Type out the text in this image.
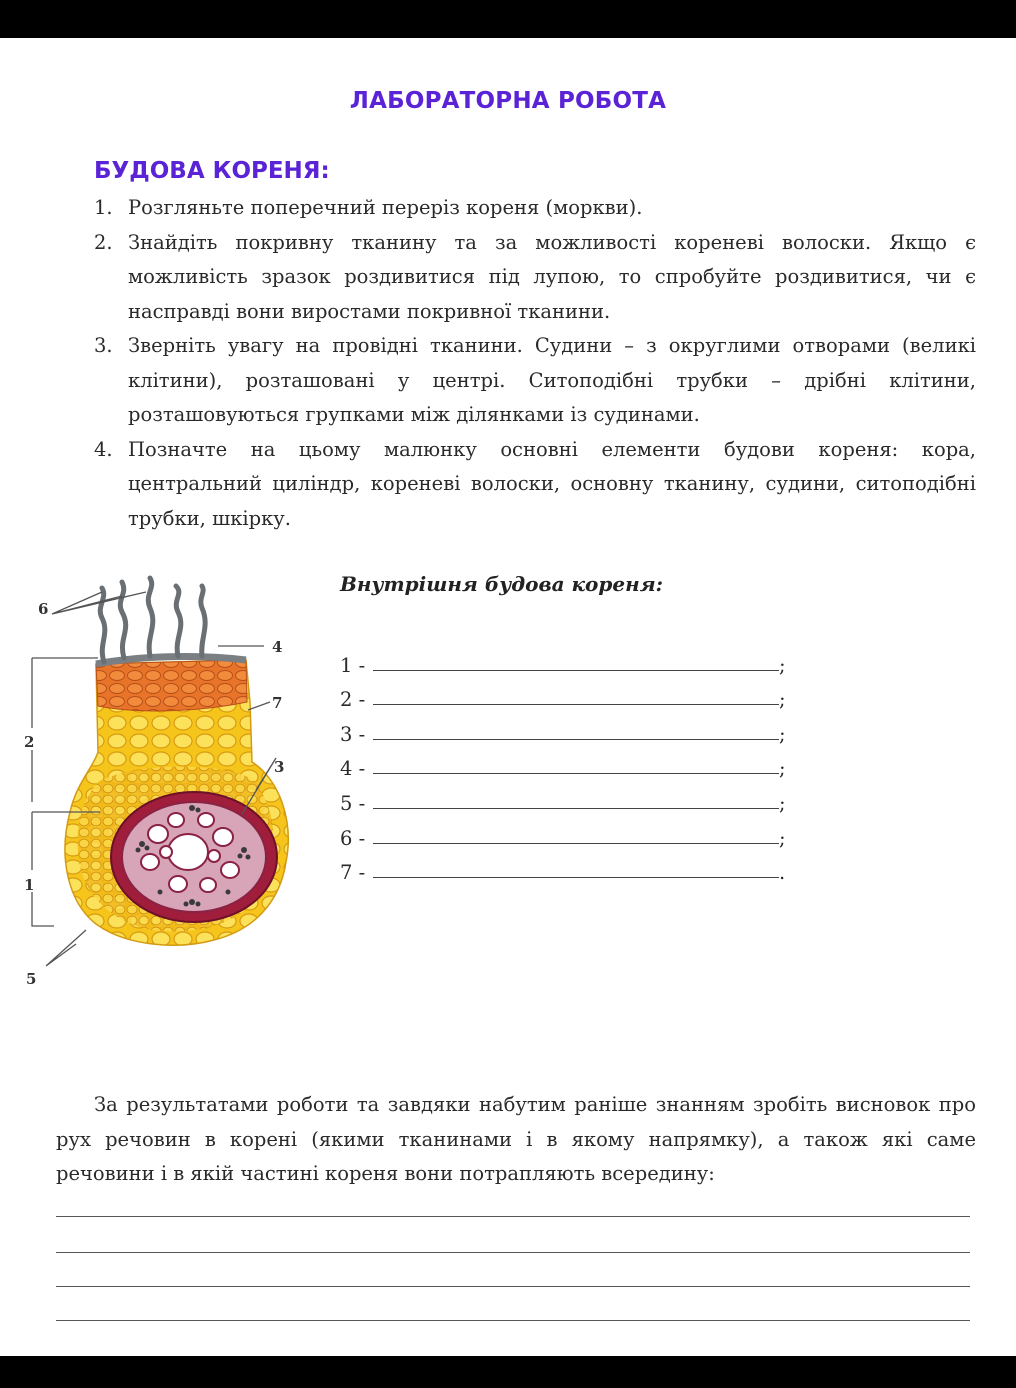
ЛАБОРАТОРНА РОБОТА
БУДОВА КОРЕНЯ:
1. Розгляньте поперечний переріз кореня (моркви).
2. Знайдіть покривну тканину та за можливості кореневі волоски. Якщо є можливість зразок роздивитися під лупою, то спробуйте роздивитися, чи є насправді вони виростами покривної тканини.
3. Зверніть увагу на провідні тканини. Судини – з округлими отворами (великі клітини), розташовані у центрі. Ситоподібні трубки – дрібні клітини, розташовуються групками між ділянками із судинами.
4. Позначте на цьому малюнку основні елементи будови кореня: кора, центральний циліндр, кореневі волоски, основну тканину, судини, ситоподібні трубки, шкірку.
6
4
7
2
3
1
5
Внутрішня будова кореня:
1 -	;
2 -	;
3 -	;
4 -	;
5 -	;
6 -	;
7 -	.

За результатами роботи та завдяки набутим раніше знанням зробіть висновок про рух речовин в корені (якими тканинами і в якому напрямку), а також які саме речовини і в якій частині кореня вони потрапляють всередину:
